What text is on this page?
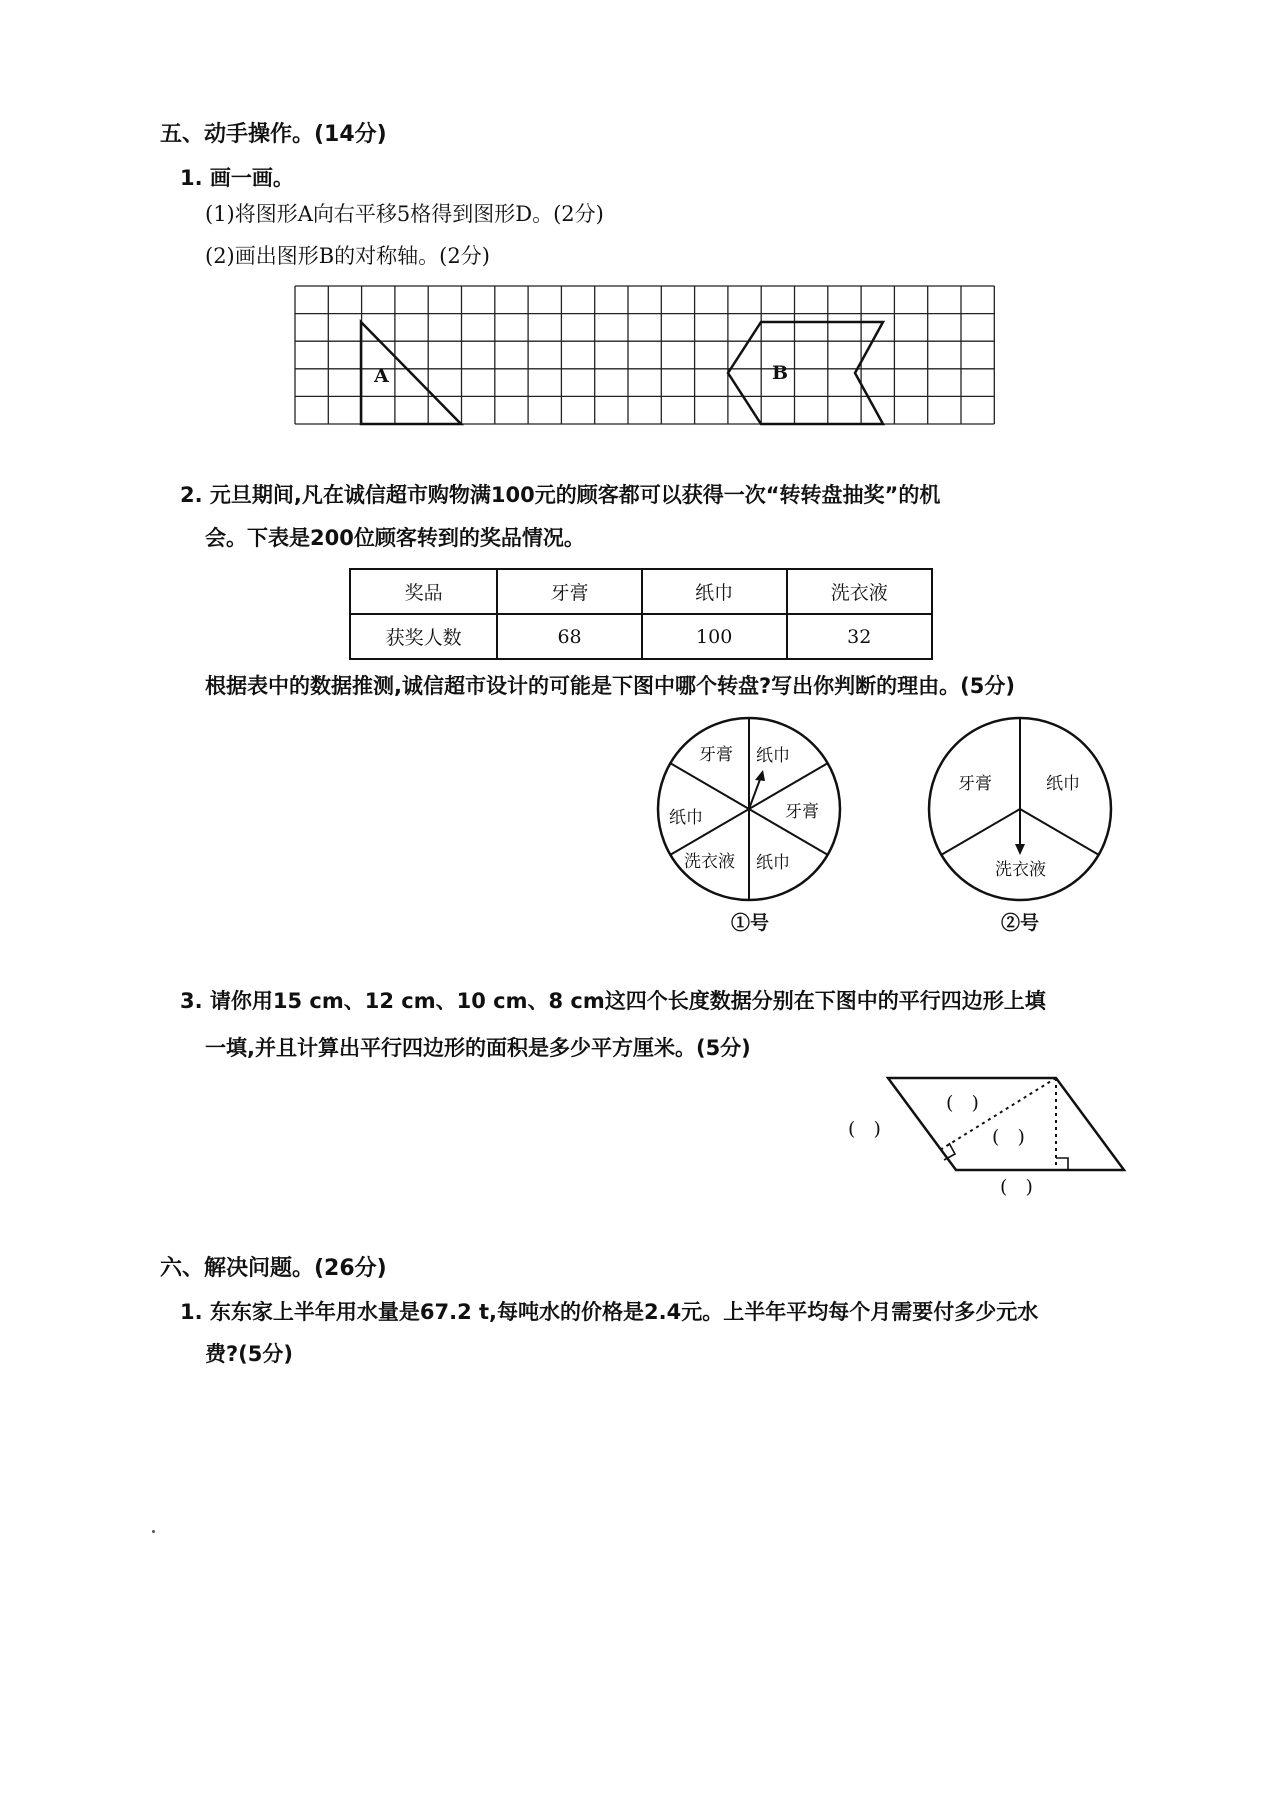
五、动手操作。(14分)
1. 画一画。
(1)将图形A向右平移5格得到图形D。(2分)
(2)画出图形B的对称轴。(2分)
A	B
2. 元旦期间,凡在诚信超市购物满100元的顾客都可以获得一次“转转盘抽奖”的机
会。下表是200位顾客转到的奖品情况。
奖品	牙膏	纸巾	洗衣液
获奖人数	68	100	32
根据表中的数据推测,诚信超市设计的可能是下图中哪个转盘?写出你判断的理由。(5分)
牙膏 纸巾
牙膏
纸巾
洗衣液
纸巾
①号
牙膏	纸巾
洗衣液
②号
3. 请你用15 cm、12 cm、10 cm、8 cm这四个长度数据分别在下图中的平行四边形上填
一填,并且计算出平行四边形的面积是多少平方厘米。(5分)
(   )
(   )
(   )
(   )
六、解决问题。(26分)
1. 东东家上半年用水量是67.2 t,每吨水的价格是2.4元。上半年平均每个月需要付多少元水
费?(5分)
